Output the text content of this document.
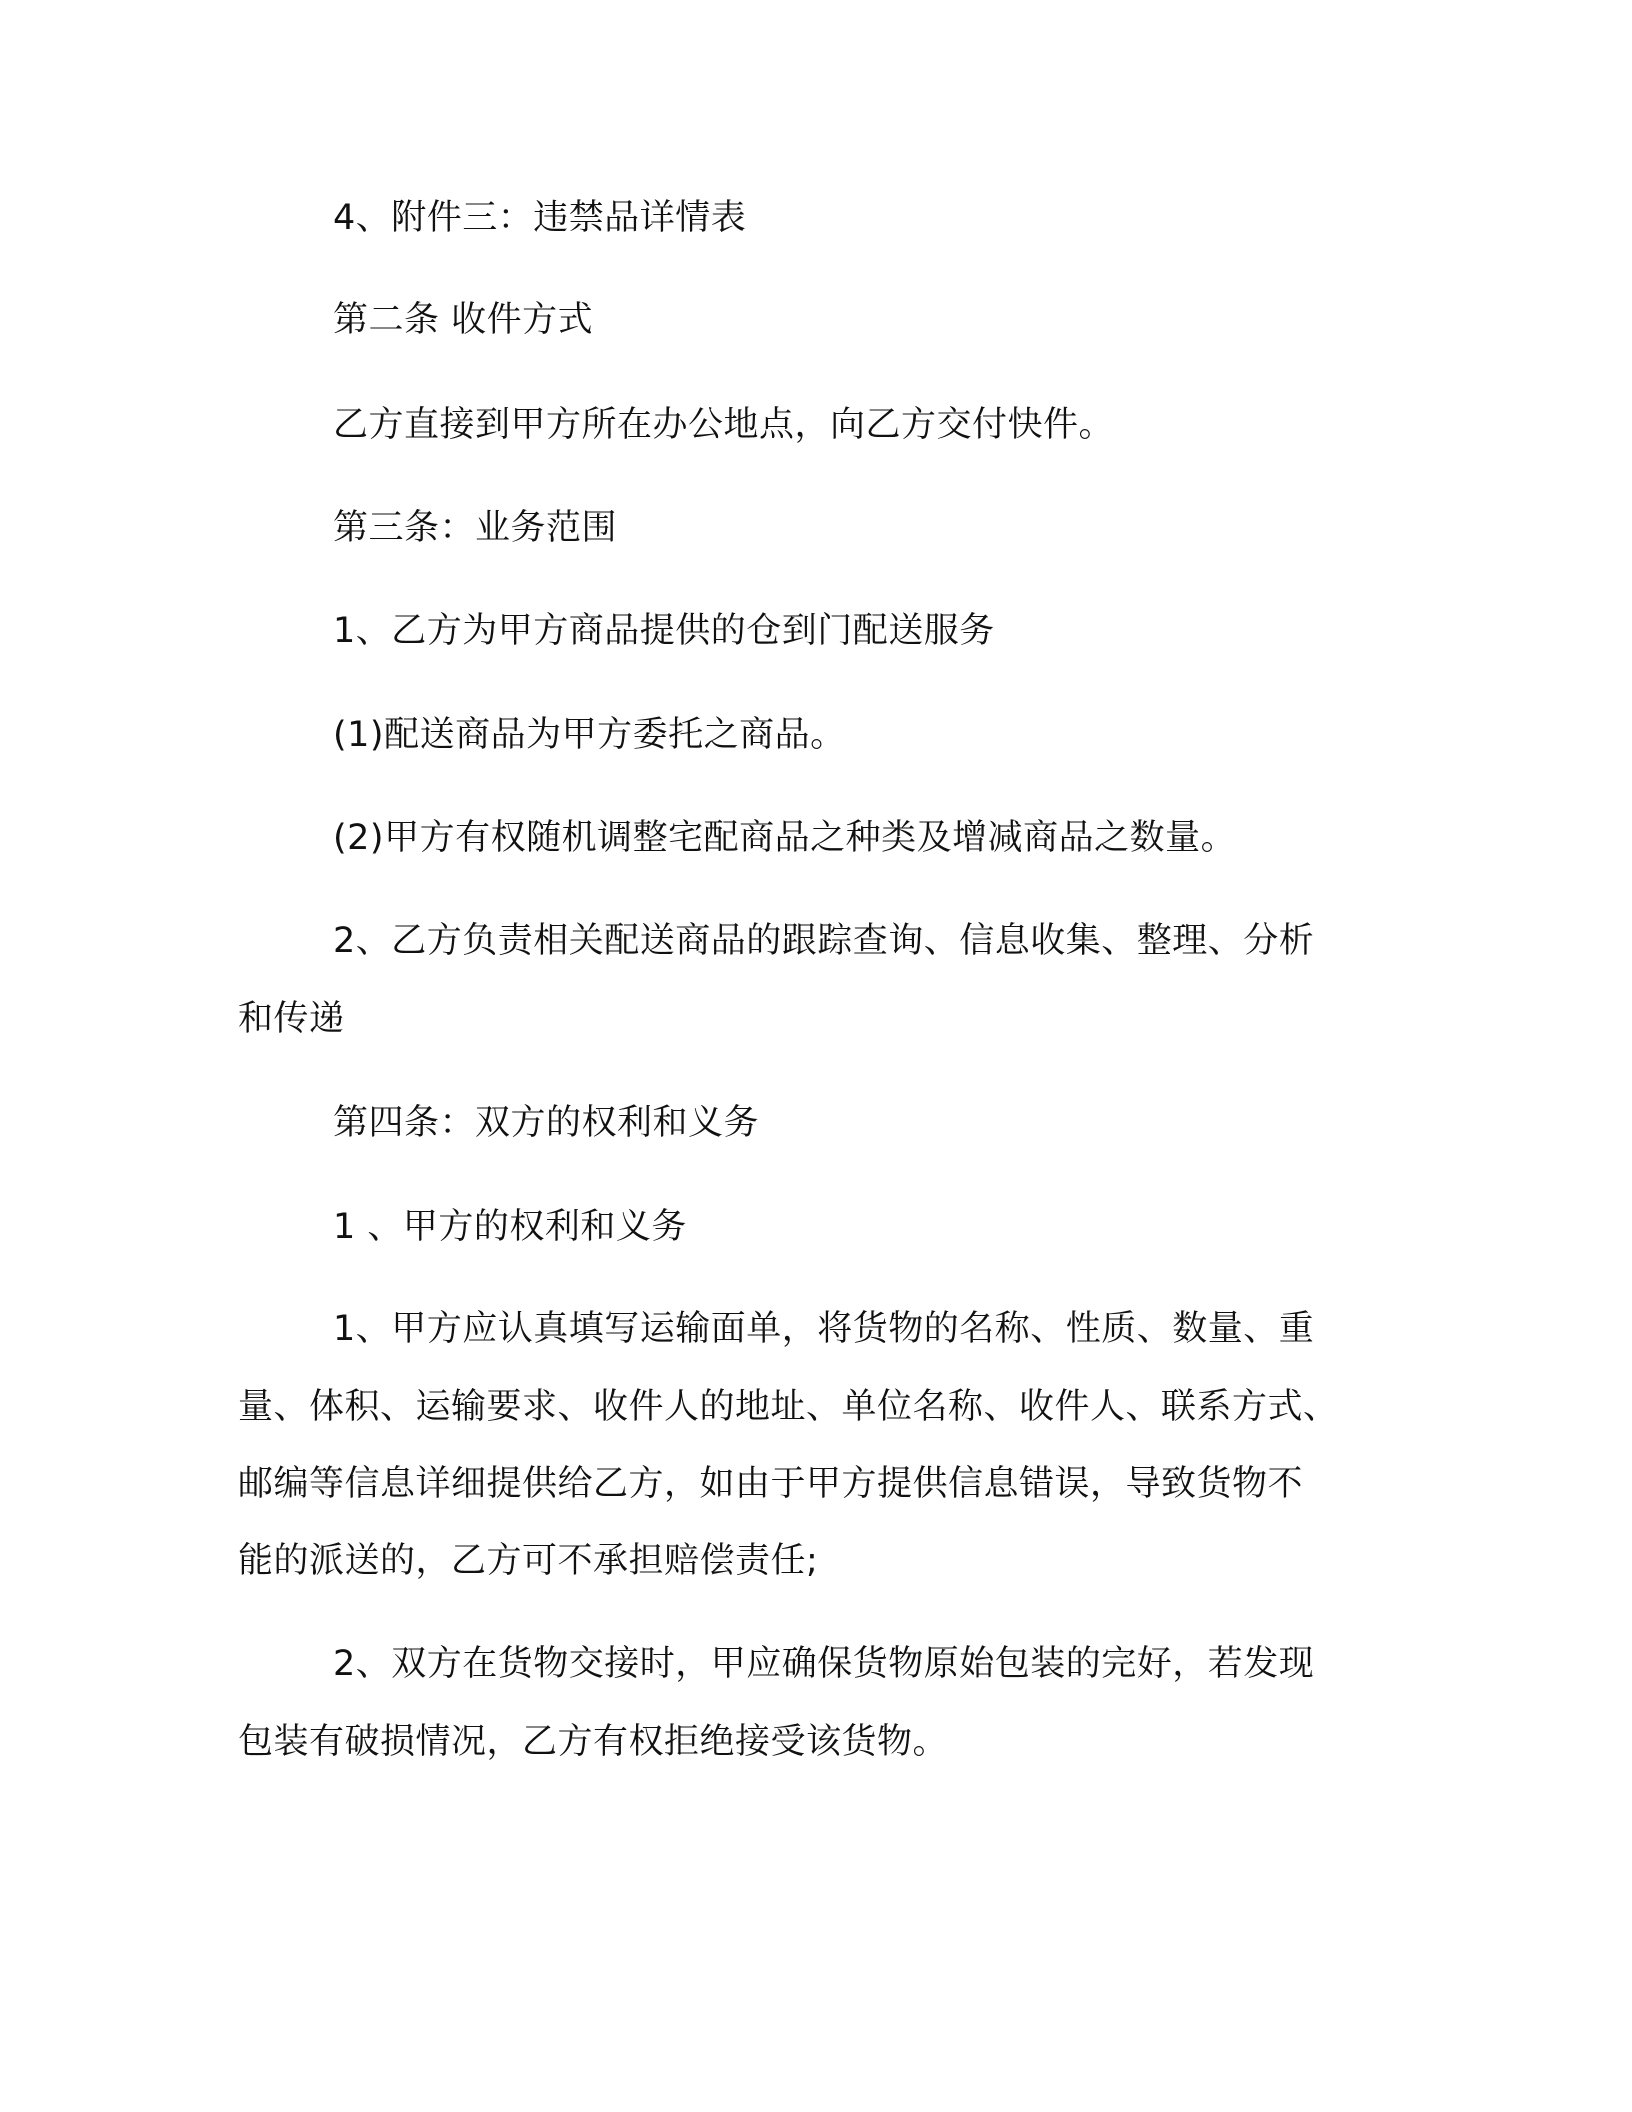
4、附件三：违禁品详情表
第二条 收件方式
乙方直接到甲方所在办公地点，向乙方交付快件。
第三条：业务范围
1、乙方为甲方商品提供的仓到门配送服务
(1)配送商品为甲方委托之商品。
(2)甲方有权随机调整宅配商品之种类及增减商品之数量。
2、乙方负责相关配送商品的跟踪查询、信息收集、整理、分析
和传递
第四条：双方的权利和义务
1 、甲方的权利和义务
1、甲方应认真填写运输面单，将货物的名称、性质、数量、重
量、体积、运输要求、收件人的地址、单位名称、收件人、联系方式、
邮编等信息详细提供给乙方，如由于甲方提供信息错误，导致货物不
能的派送的，乙方可不承担赔偿责任;
2、双方在货物交接时，甲应确保货物原始包装的完好，若发现
包装有破损情况，乙方有权拒绝接受该货物。
